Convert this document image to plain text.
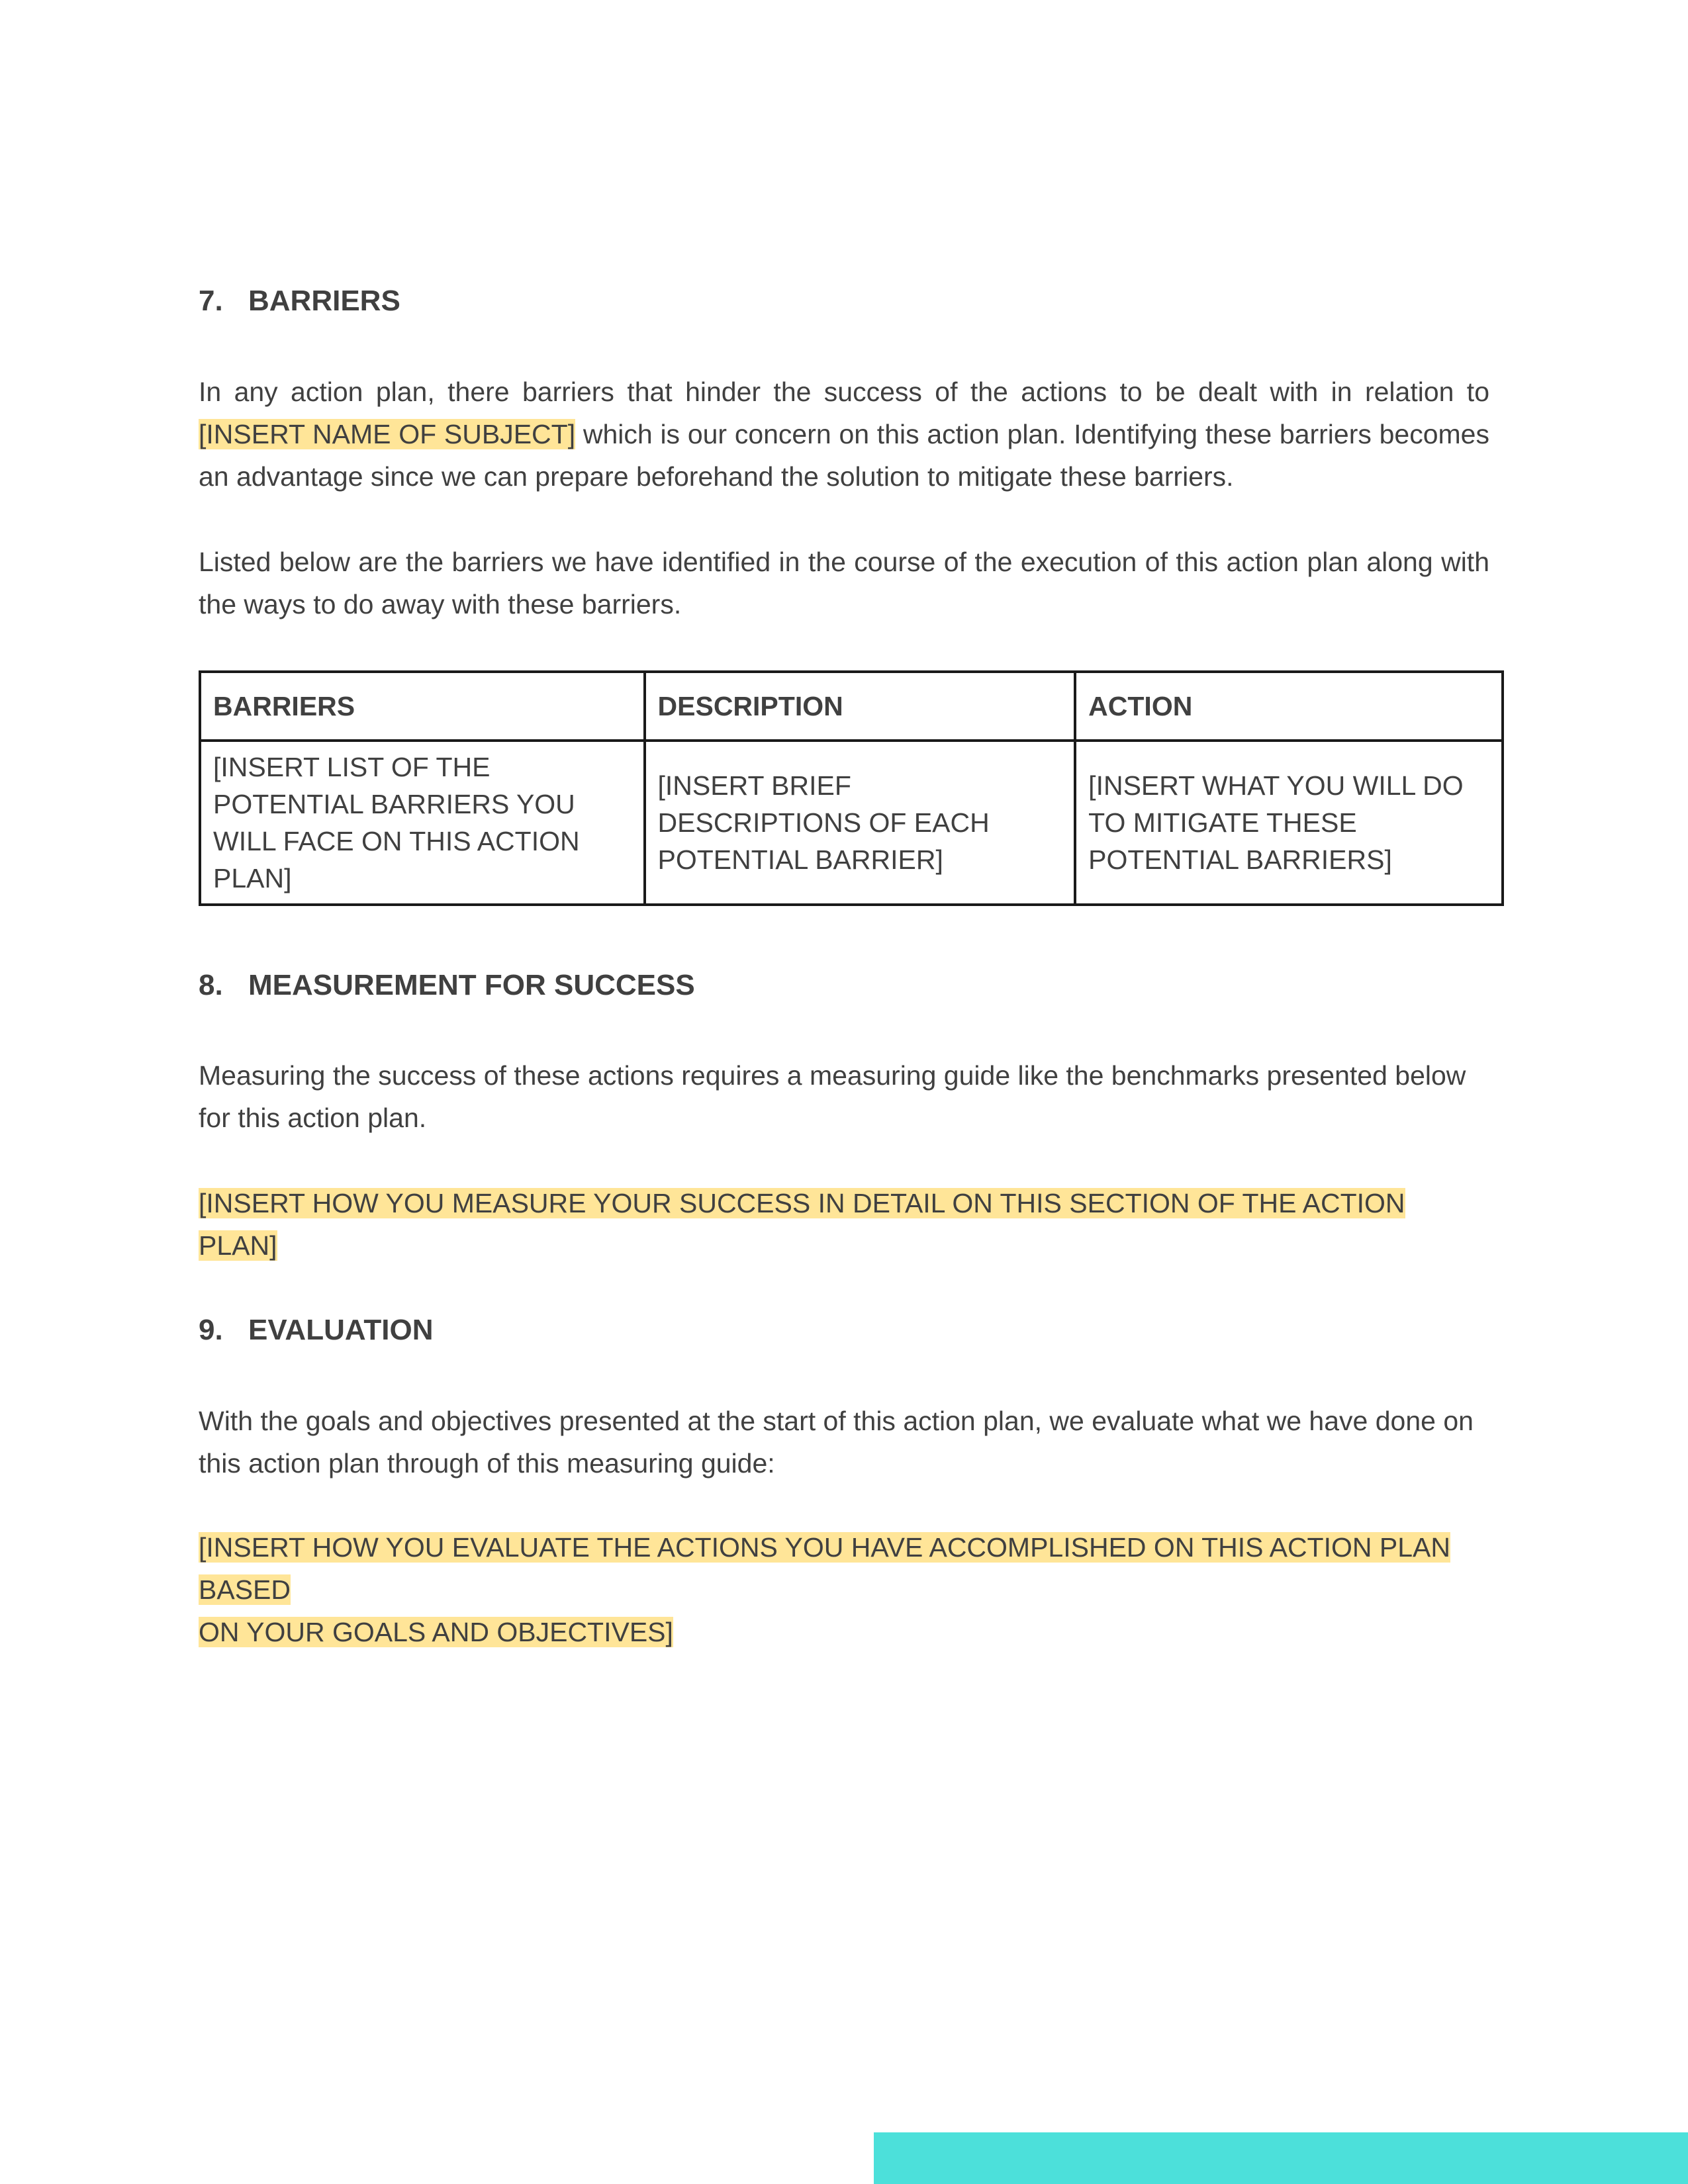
7. BARRIERS
In any action plan, there barriers that hinder the success of the actions to be dealt with in relation to [INSERT NAME OF SUBJECT] which is our concern on this action plan. Identifying these barriers becomes an advantage since we can prepare beforehand the solution to mitigate these barriers.
Listed below are the barriers we have identified in the course of the execution of this action plan along with the ways to do away with these barriers.
BARRIERS	DESCRIPTION	ACTION
[INSERT LIST OF THE POTENTIAL BARRIERS YOU WILL FACE ON THIS ACTION PLAN]	[INSERT BRIEF DESCRIPTIONS OF EACH POTENTIAL BARRIER]	[INSERT WHAT YOU WILL DO TO MITIGATE THESE POTENTIAL BARRIERS]
8. MEASUREMENT FOR SUCCESS
Measuring the success of these actions requires a measuring guide like the benchmarks presented below for this action plan.
[INSERT HOW YOU MEASURE YOUR SUCCESS IN DETAIL ON THIS SECTION OF THE ACTION PLAN]
9. EVALUATION
With the goals and objectives presented at the start of this action plan, we evaluate what we have done on this action plan through of this measuring guide:
[INSERT HOW YOU EVALUATE THE ACTIONS YOU HAVE ACCOMPLISHED ON THIS ACTION PLAN BASED
ON YOUR GOALS AND OBJECTIVES]
